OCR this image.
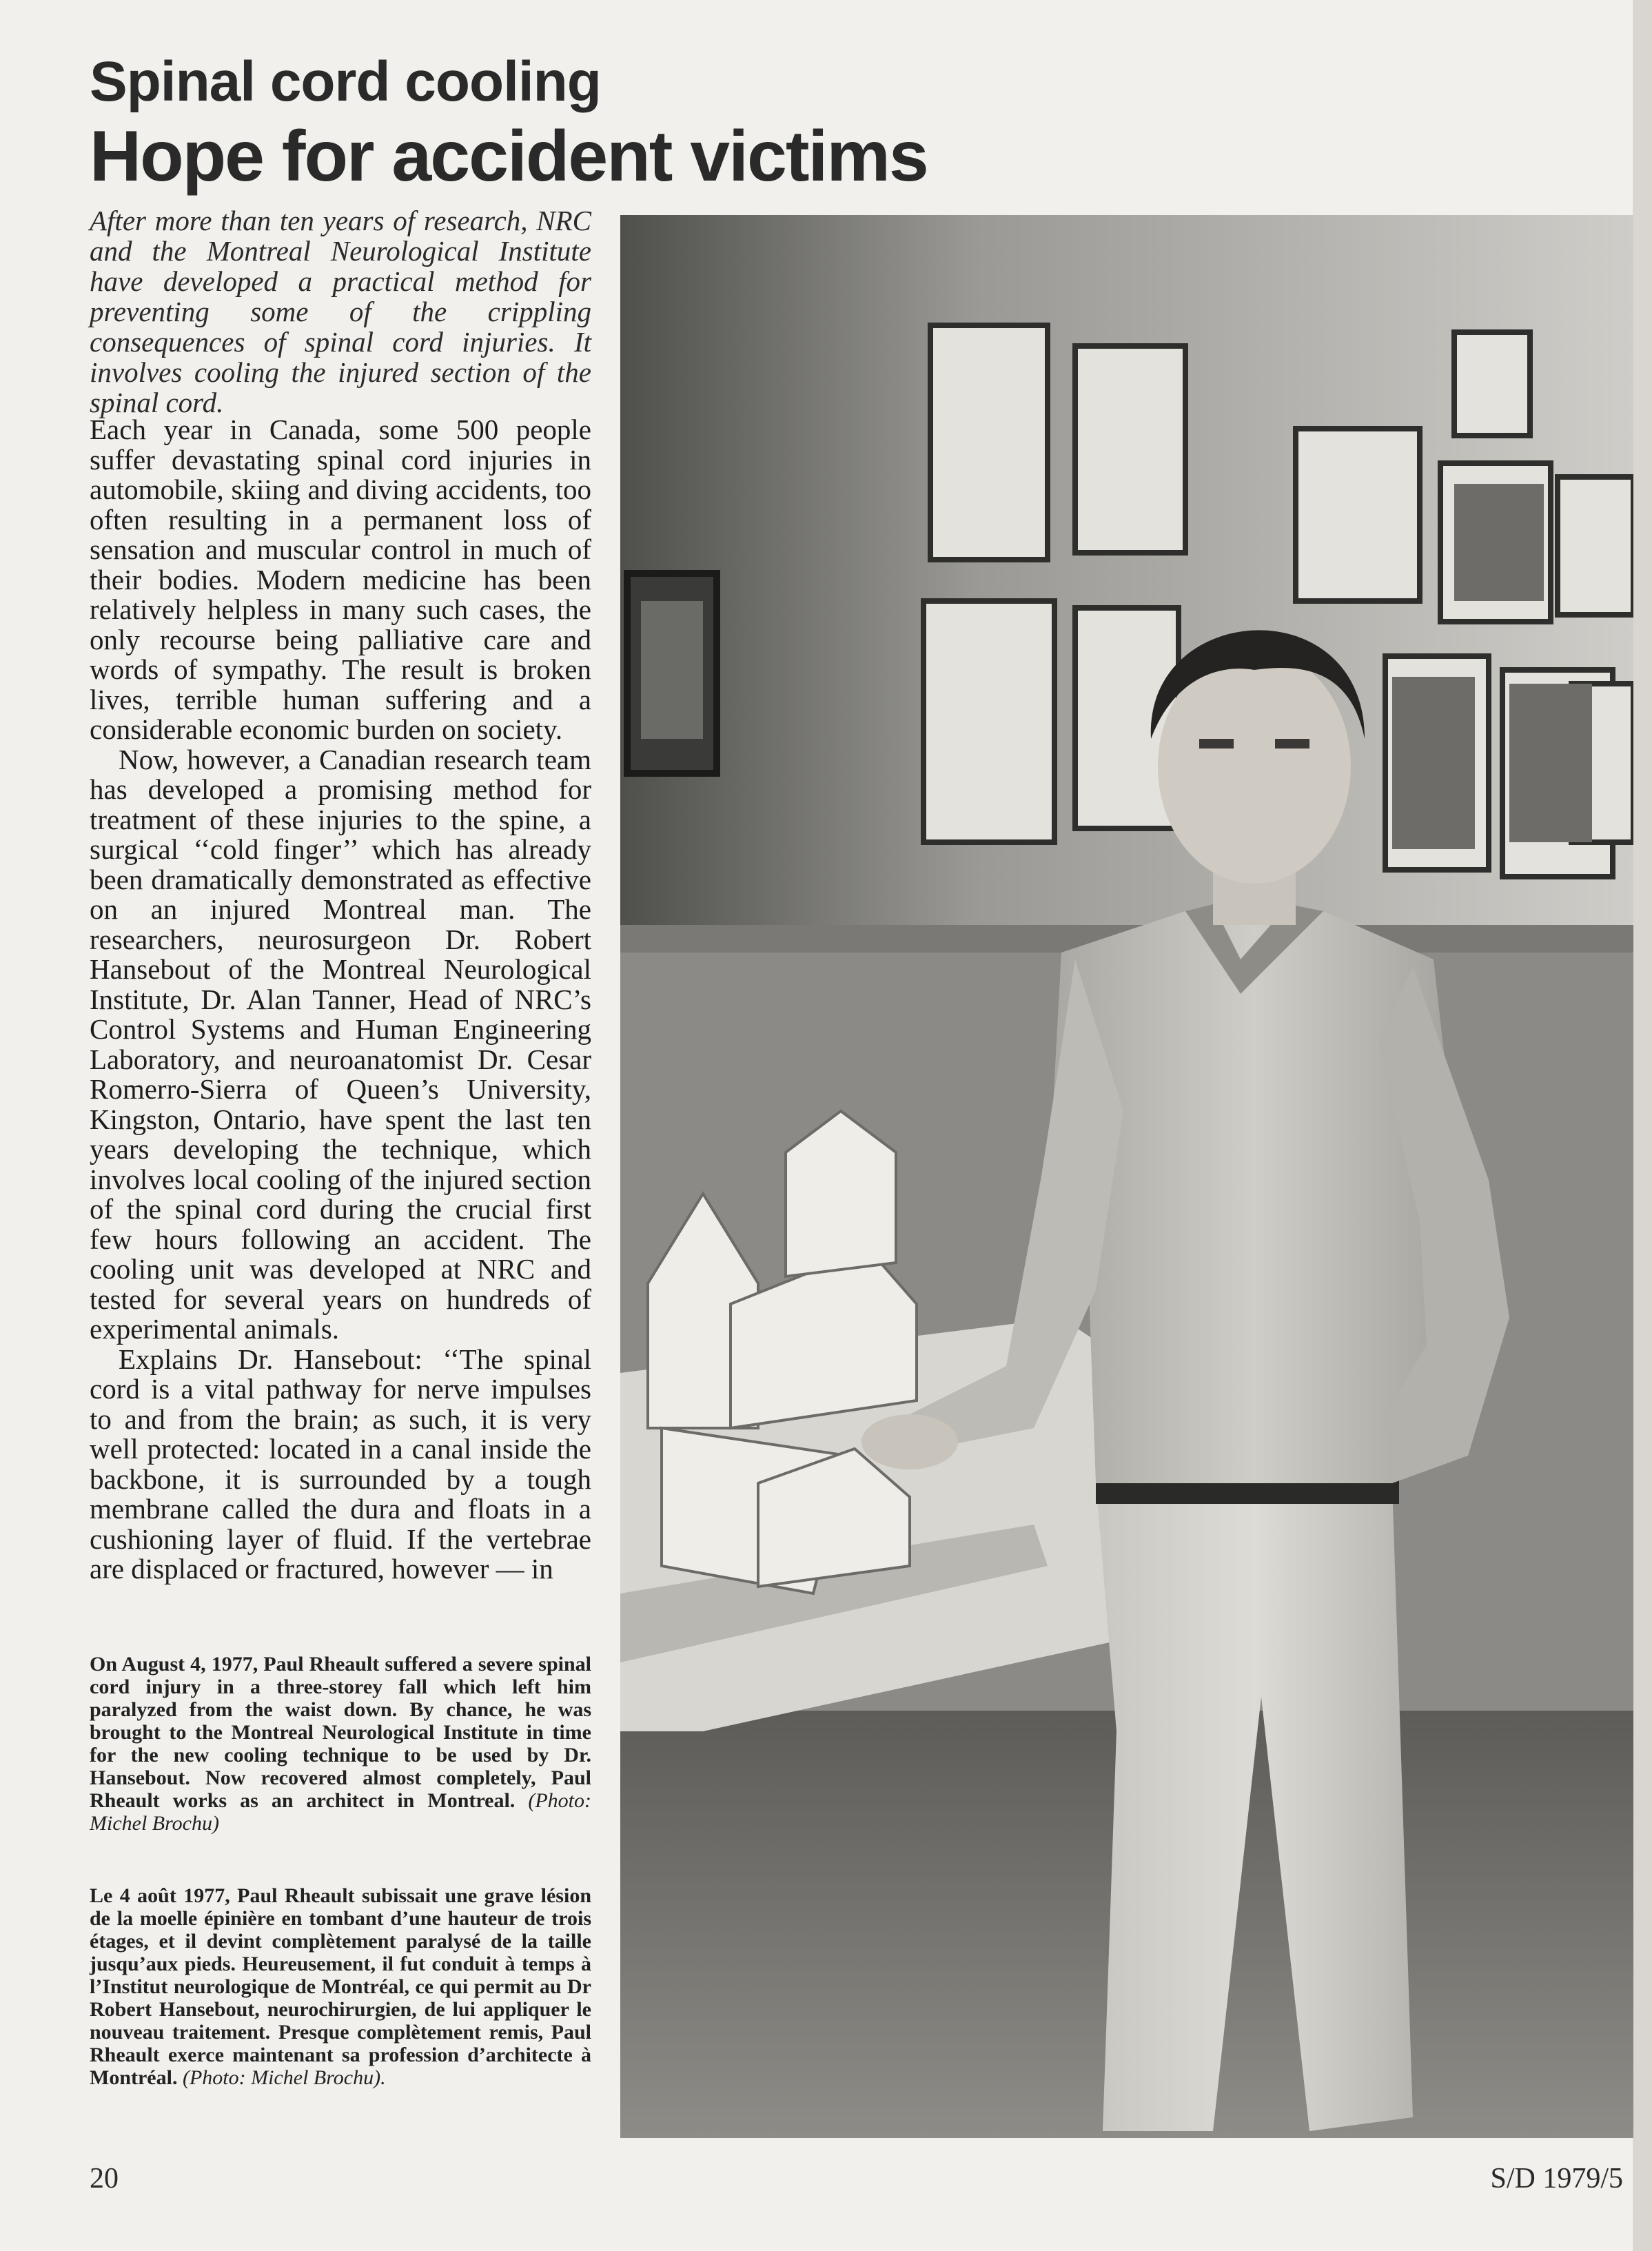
Spinal cord cooling
Hope for accident victims
After more than ten years of research, NRC and the Montreal Neurological Institute have developed a practical method for preventing some of the crippling consequences of spinal cord injuries. It involves cooling the injured section of the spinal cord.

Each year in Canada, some 500 people suffer devastating spinal cord injuries in automobile, skiing and diving accidents, too often resulting in a permanent loss of sensation and muscular control in much of their bodies. Modern medicine has been relatively helpless in many such cases, the only recourse being palliative care and words of sympathy. The result is broken lives, terrible human suffering and a considerable economic burden on society.

Now, however, a Canadian research team has developed a promising method for treatment of these injuries to the spine, a surgical ‘‘cold finger’’ which has already been dramatically demonstrated as effective on an injured Montreal man. The researchers, neurosurgeon Dr. Robert Hansebout of the Montreal Neurological Institute, Dr. Alan Tanner, Head of NRC’s Control Systems and Human Engineering Laboratory, and neuroanatomist Dr. Cesar Romerro-Sierra of Queen’s University, Kingston, Ontario, have spent the last ten years developing the technique, which involves local cooling of the injured section of the spinal cord during the crucial first few hours following an accident. The cooling unit was developed at NRC and tested for several years on hundreds of experimental animals.

Explains Dr. Hansebout: ‘‘The spinal cord is a vital pathway for nerve impulses to and from the brain; as such, it is very well protected: located in a canal inside the backbone, it is surrounded by a tough membrane called the dura and floats in a cushioning layer of fluid. If the vertebrae are displaced or fractured, however — in

On August 4, 1977, Paul Rheault suffered a severe spinal cord injury in a three-storey fall which left him paralyzed from the waist down. By chance, he was brought to the Montreal Neurological Institute in time for the new cooling technique to be used by Dr. Hansebout. Now recovered almost completely, Paul Rheault works as an architect in Montreal. (Photo: Michel Brochu)
Le 4 août 1977, Paul Rheault subissait une grave lésion de la moelle épinière en tombant d’une hauteur de trois étages, et il devint complètement paralysé de la taille jusqu’aux pieds. Heureusement, il fut conduit à temps à l’Institut neurologique de Montréal, ce qui permit au Dr Robert Hansebout, neurochirurgien, de lui appliquer le nouveau traitement. Presque complètement remis, Paul Rheault exerce maintenant sa profession d’architecte à Montréal. (Photo: Michel Brochu).
20	S/D 1979/5
